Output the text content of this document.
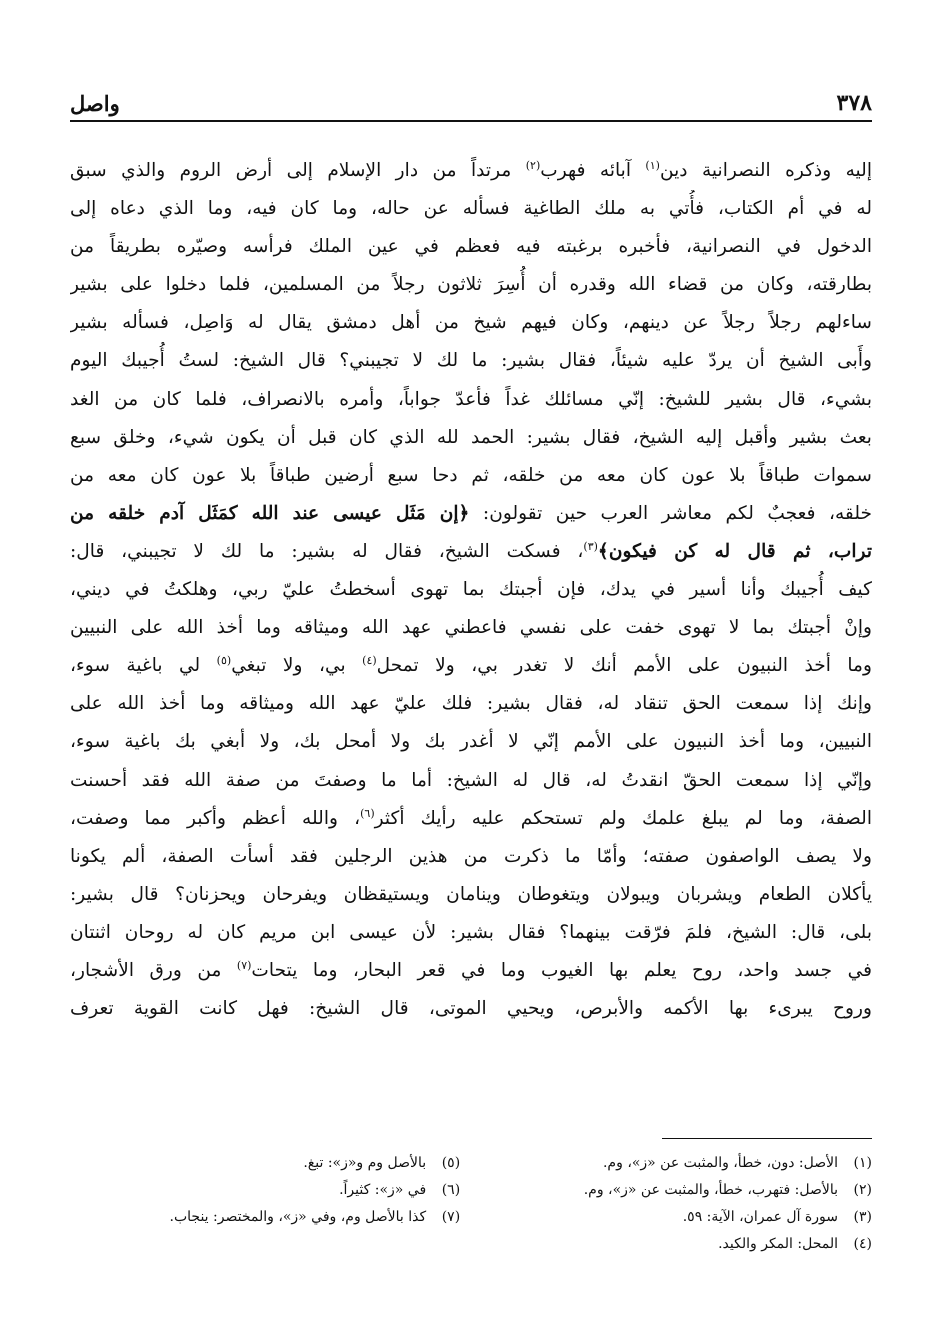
٣٧٨
واصل
إليه وذكره النصرانية دين$^{(١)}$ آبائه فهرب$^{(٢)}$ مرتداً من دار الإسلام إلى أرض الروم والذي سبق
له في أم الكتاب، فأُتي به ملك الطاغية فسأله عن حاله، وما كان فيه، وما الذي دعاه إلى
الدخول في النصرانية، فأخبره برغبته فيه فعظم في عين الملك فرأسه وصيّره بطريقاً من
بطارقته، وكان من قضاء الله وقدره أن أُسِرَ ثلاثون رجلاً من المسلمين، فلما دخلوا على بشير
ساءلهم رجلاً رجلاً عن دينهم، وكان فيهم شيخ من أهل دمشق يقال له وَاصِل، فسأله بشير
وأَبى الشيخ أن يردّ عليه شيئاً، فقال بشير: ما لك لا تجيبني؟ قال الشيخ: لستُ أُجيبك اليوم
بشيء، قال بشير للشيخ: إنّي مسائلك غداً فأعدّ جواباً، وأمره بالانصراف، فلما كان من الغد
بعث بشير وأقبل إليه الشيخ، فقال بشير: الحمد لله الذي كان قبل أن يكون شيء، وخلق سبع
سموات طباقاً بلا عون كان معه من خلقه، ثم دحا سبع أرضين طباقاً بلا عون كان معه من
خلقه، فعجبٌ لكم معاشر العرب حين تقولون: ﴿إن مَثَل عيسى عند الله كمَثَل آدم خلقه من
تراب، ثم قال له كن فيكون﴾$^{(٣)}$، فسكت الشيخ، فقال له بشير: ما لك لا تجيبني، قال:
كيف أُجيبك وأنا أسير في يدك، فإن أجبتك بما تهوى أسخطتُ عليّ ربي، وهلكتُ في ديني،
وإنْ أجبتك بما لا تهوى خفت على نفسي فاعطني عهد الله وميثاقه وما أخذ الله على النبيين
وما أخذ النبيون على الأمم أنك لا تغدر بي، ولا تمحل$^{(٤)}$ بي، ولا تبغي$^{(٥)}$ لي باغية سوء،
وإنك إذا سمعت الحق تنقاد له، فقال بشير: فلك عليّ عهد الله وميثاقه وما أخذ الله على
النبيين، وما أخذ النبيون على الأمم إنّي لا أغدر بك ولا أمحل بك، ولا أبغي بك باغية سوء،
وإنّي إذا سمعت الحقّ انقدتُ له، قال له الشيخ: أما ما وصفتَ من صفة الله فقد أحسنت
الصفة، وما لم يبلغ علمك ولم تستحكم عليه رأيك أكثر$^{(٦)}$، والله أعظم وأكبر مما وصفت،
ولا يصف الواصفون صفته؛ وأمّا ما ذكرت من هذين الرجلين فقد أسأت الصفة، ألم يكونا
يأكلان الطعام ويشربان ويبولان ويتغوطان وينامان ويستيقظان ويفرحان ويحزنان؟ قال بشير:
بلى، قال: الشيخ، فلمَ فرّقت بينهما؟ فقال بشير: لأن عيسى ابن مريم كان له روحان اثنتان
في جسد واحد، روح يعلم بها الغيوب وما في قعر البحار، وما يتحات$^{(٧)}$ من ورق الأشجار،
وروح يبرىء بها الأكمه والأبرص، ويحيي الموتى، قال الشيخ: فهل كانت القوية تعرف
(١)الأصل: دون، خطأ، والمثبت عن «ز»، وم.
(٢)بالأصل: فتهرب، خطأ، والمثبت عن «ز»، وم.
(٣)سورة آل عمران، الآية: ٥٩.
(٤)المحل: المكر والكيد.
(٥)بالأصل وم و«ز»: تبغ.
(٦)في «ز»: كثيراً.
(٧)كذا بالأصل وم، وفي «ز»، والمختصر: ينجاب.
